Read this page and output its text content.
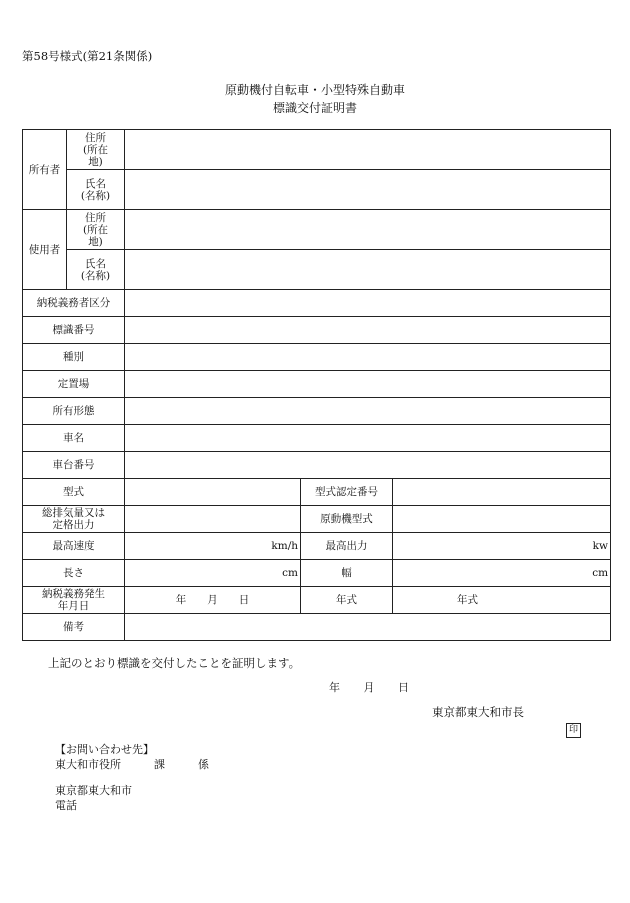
第58号様式(第21条関係)
原動機付自転車・小型特殊自動車
標識交付証明書
所有者	住所
(所在
地)			

	氏名
(名称)			

使用者	住所
(所在
地)			

	氏名
(名称)			

納税義務者区分				
標識番号				
種別				
定置場				
所有形態				
車名				
車台番号				
型式			型式認定番号	

総排気量又は
定格出力			原動機型式	
最高速度		km/h	最高出力	kw
長さ		cm	幅	cm

納税義務発生
年月日		年　　月　　日	年式	年式
備考				
上記のとおり標識を交付したことを証明します。
年 月 日
東京都東大和市長
印
【お問い合わせ先】
東大和市役所　　　課　　　係
東京都東大和市
電話
